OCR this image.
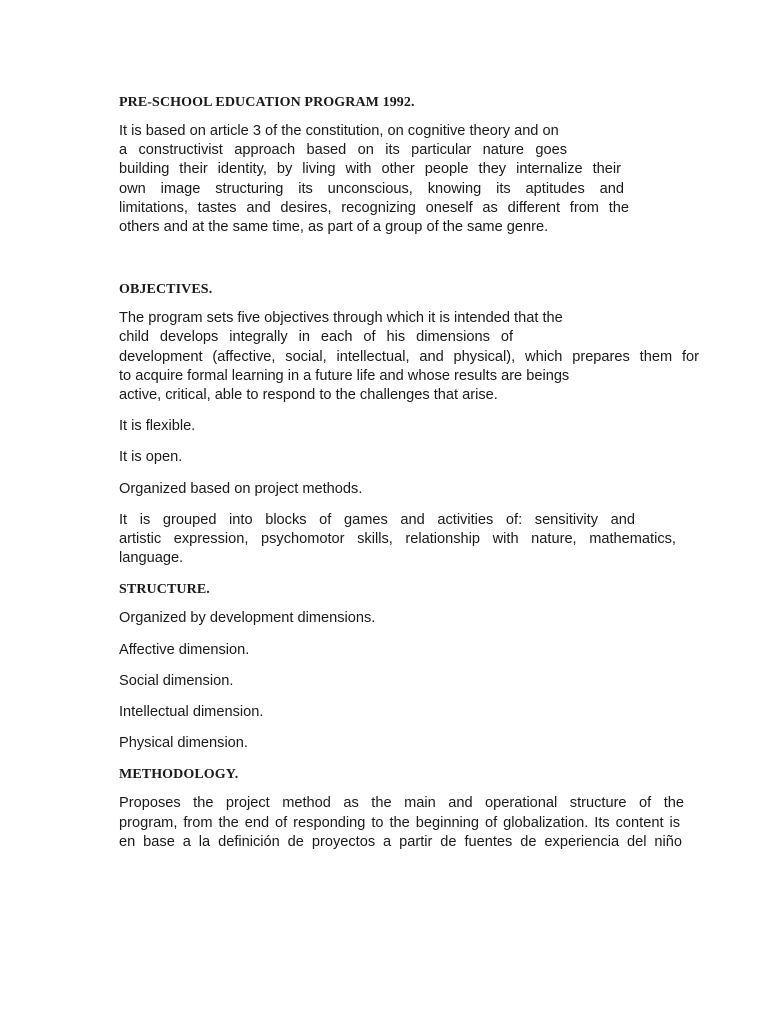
PRE-SCHOOL EDUCATION PROGRAM 1992.
It is based on article 3 of the constitution, on cognitive theory and on
a constructivist approach based on its particular nature goes
building their identity, by living with other people they internalize their
own image structuring its unconscious, knowing its aptitudes and
limitations, tastes and desires, recognizing oneself as different from the
others and at the same time, as part of a group of the same genre.
OBJECTIVES.
The program sets five objectives through which it is intended that the
child develops integrally in each of his dimensions of
development (affective, social, intellectual, and physical), which prepares them for
to acquire formal learning in a future life and whose results are beings
active, critical, able to respond to the challenges that arise.
It is flexible.
It is open.
Organized based on project methods.
It is grouped into blocks of games and activities of: sensitivity and
artistic expression, psychomotor skills, relationship with nature, mathematics,
language.
STRUCTURE.
Organized by development dimensions.
Affective dimension.
Social dimension.
Intellectual dimension.
Physical dimension.
METHODOLOGY.
Proposes the project method as the main and operational structure of the
program, from the end of responding to the beginning of globalization. Its content is
en base a la definición de proyectos a partir de fuentes de experiencia del niño
